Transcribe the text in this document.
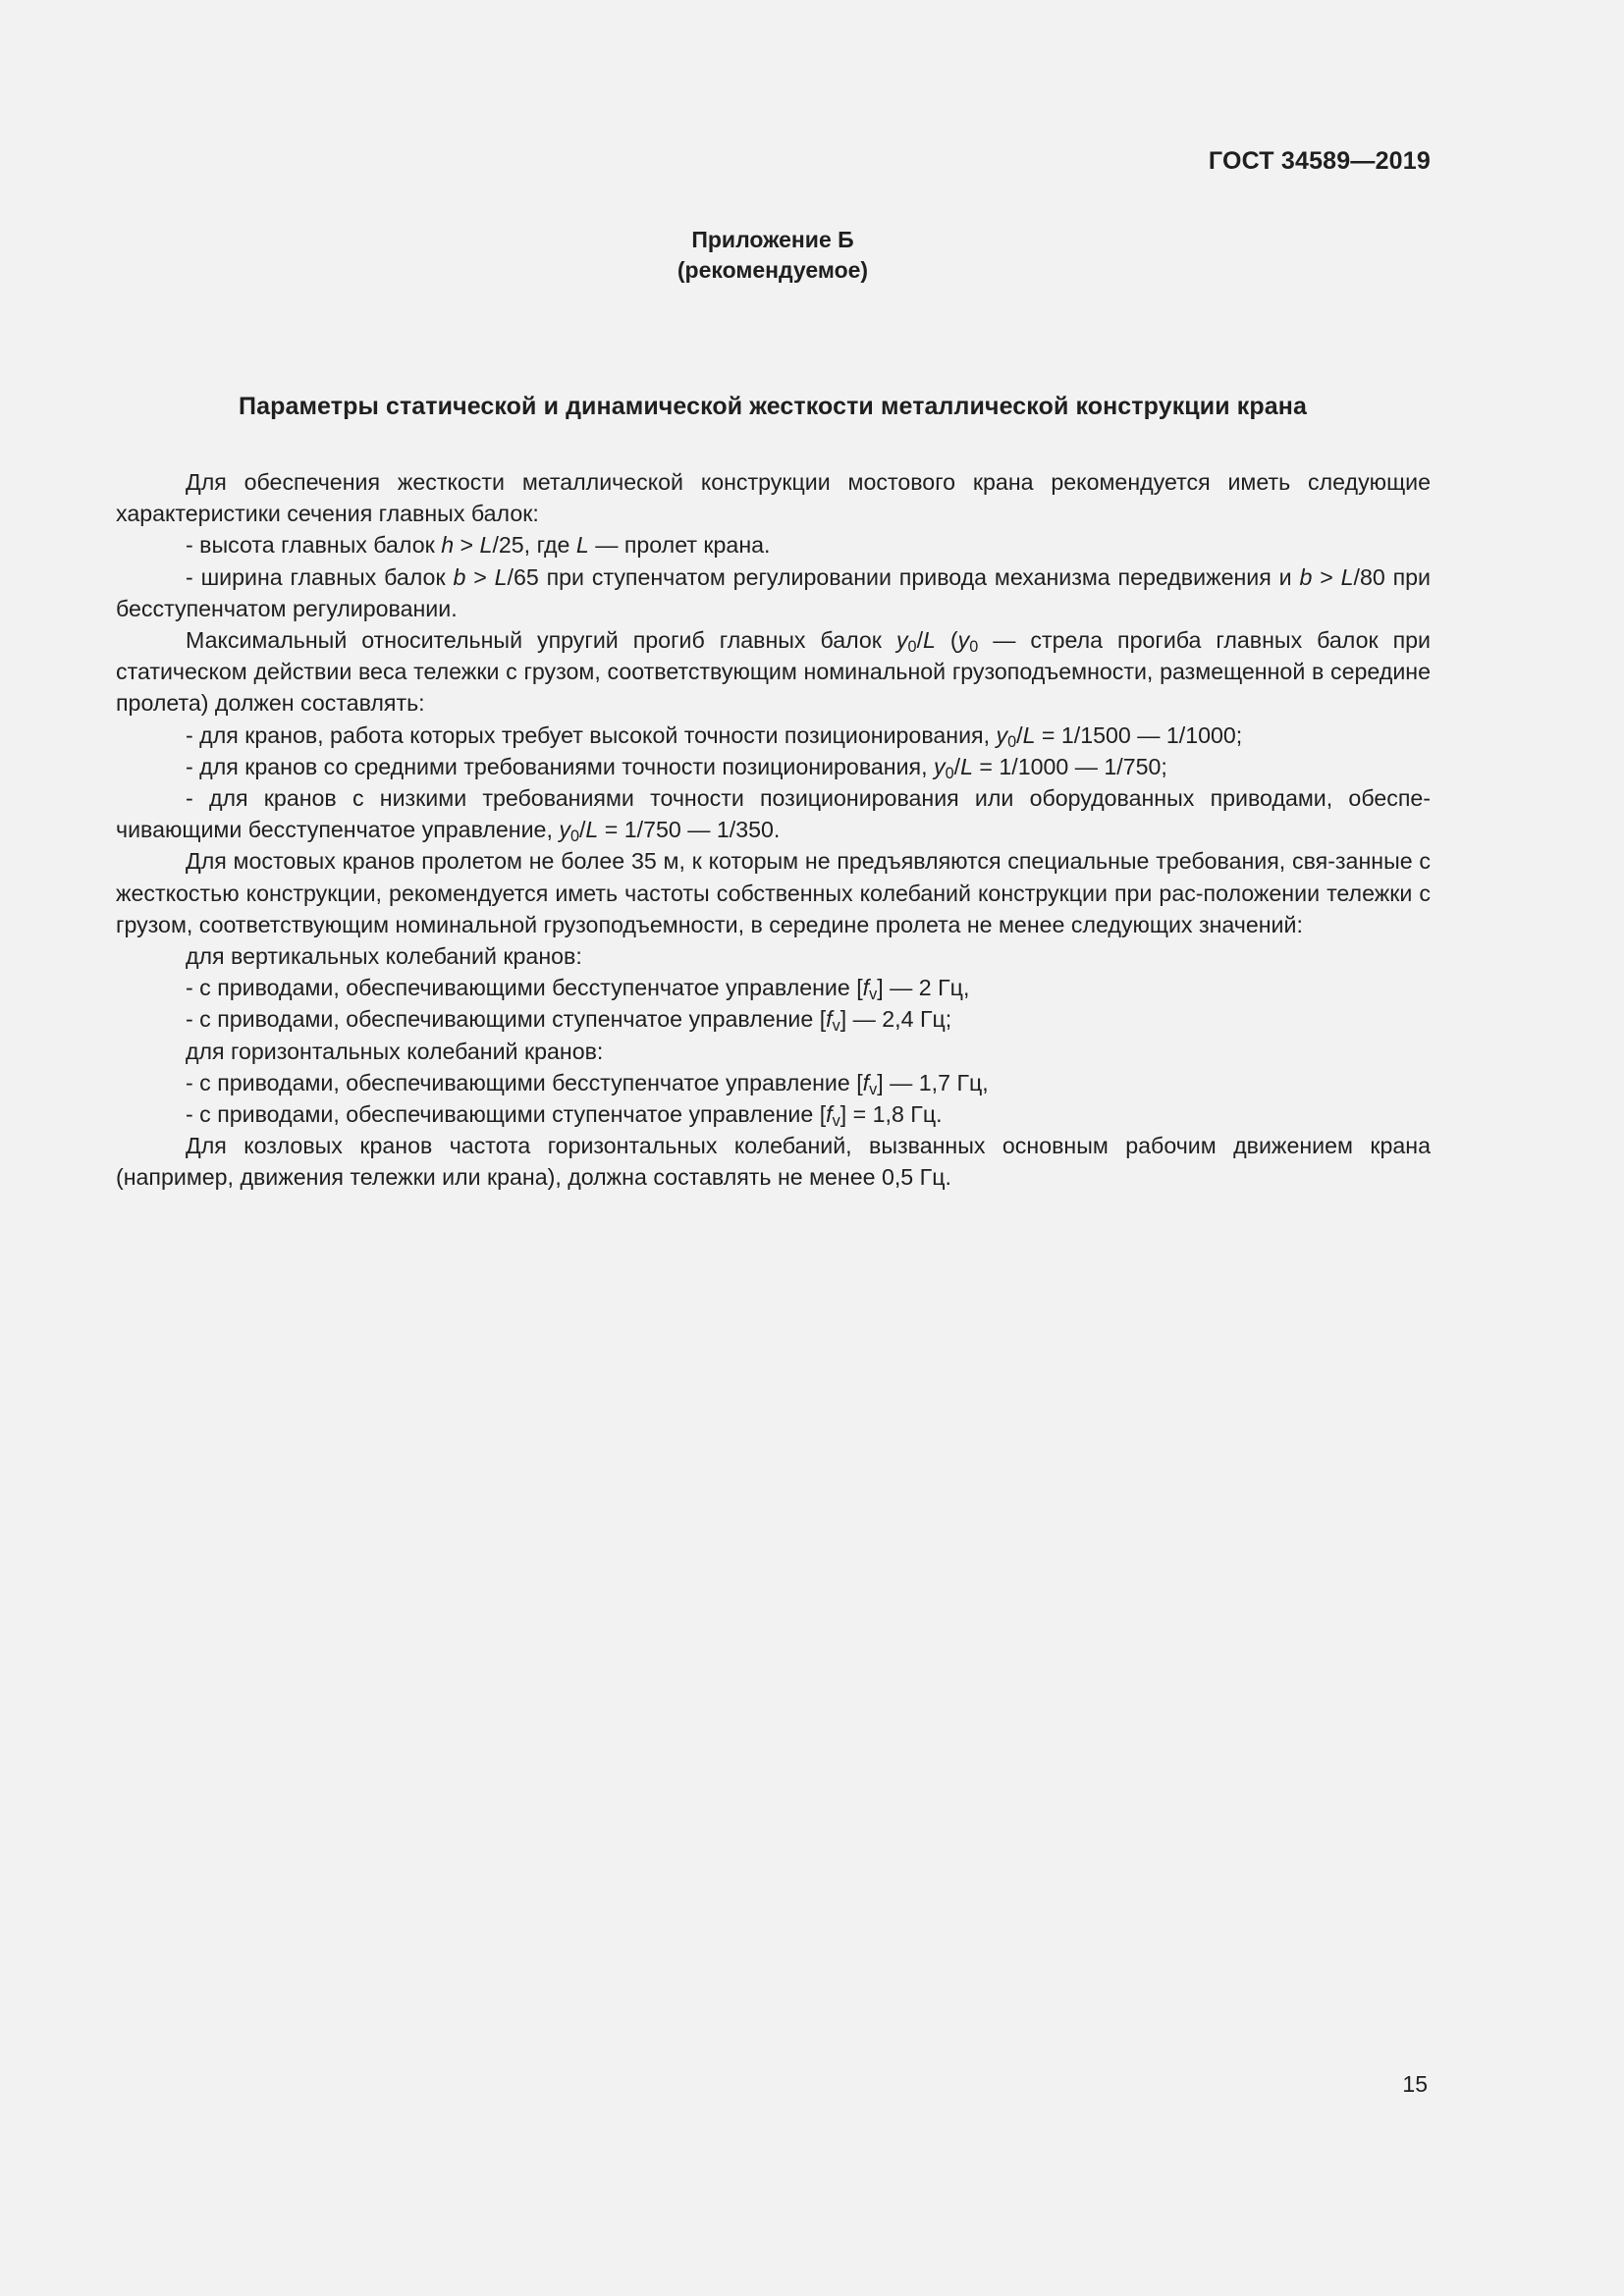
ГОСТ 34589—2019
Приложение Б
(рекомендуемое)
Параметры статической и динамической жесткости металлической конструкции крана

Для обеспечения жесткости металлической конструкции мостового крана рекомендуется иметь следующие характеристики сечения главных балок:

- высота главных балок h > L/25, где L — пролет крана.

- ширина главных балок b > L/65 при ступенчатом регулировании привода механизма передвижения и b > L/80 при бесступенчатом регулировании.

Максимальный относительный упругий прогиб главных балок $y_0/L$ ($y_0$ — стрела прогиба главных балок при статическом действии веса тележки с грузом, соответствующим номинальной грузоподъемности, размещенной в середине пролета) должен составлять:

- для кранов, работа которых требует высокой точности позиционирования, $y_0/L = 1/1500$ — 1/1000;

- для кранов со средними требованиями точности позиционирования, $y_0/L = 1/1000$ — 1/750;

- для кранов с низкими требованиями точности позиционирования или оборудованных приводами, обеспе-чивающими бесступенчатое управление, $y_0/L = 1/750$ — 1/350.

Для мостовых кранов пролетом не более 35 м, к которым не предъявляются специальные требования, свя-занные с жесткостью конструкции, рекомендуется иметь частоты собственных колебаний конструкции при рас-положении тележки с грузом, соответствующим номинальной грузоподъемности, в середине пролета не менее следующих значений:

для вертикальных колебаний кранов:

- с приводами, обеспечивающими бесступенчатое управление $[f_v]$ — 2 Гц,

- с приводами, обеспечивающими ступенчатое управление $[f_v]$ — 2,4 Гц;

для горизонтальных колебаний кранов:

- с приводами, обеспечивающими бесступенчатое управление $[f_v]$ — 1,7 Гц,

- с приводами, обеспечивающими ступенчатое управление $[f_v] = 1,8$ Гц.

Для козловых кранов частота горизонтальных колебаний, вызванных основным рабочим движением крана (например, движения тележки или крана), должна составлять не менее 0,5 Гц.

15
